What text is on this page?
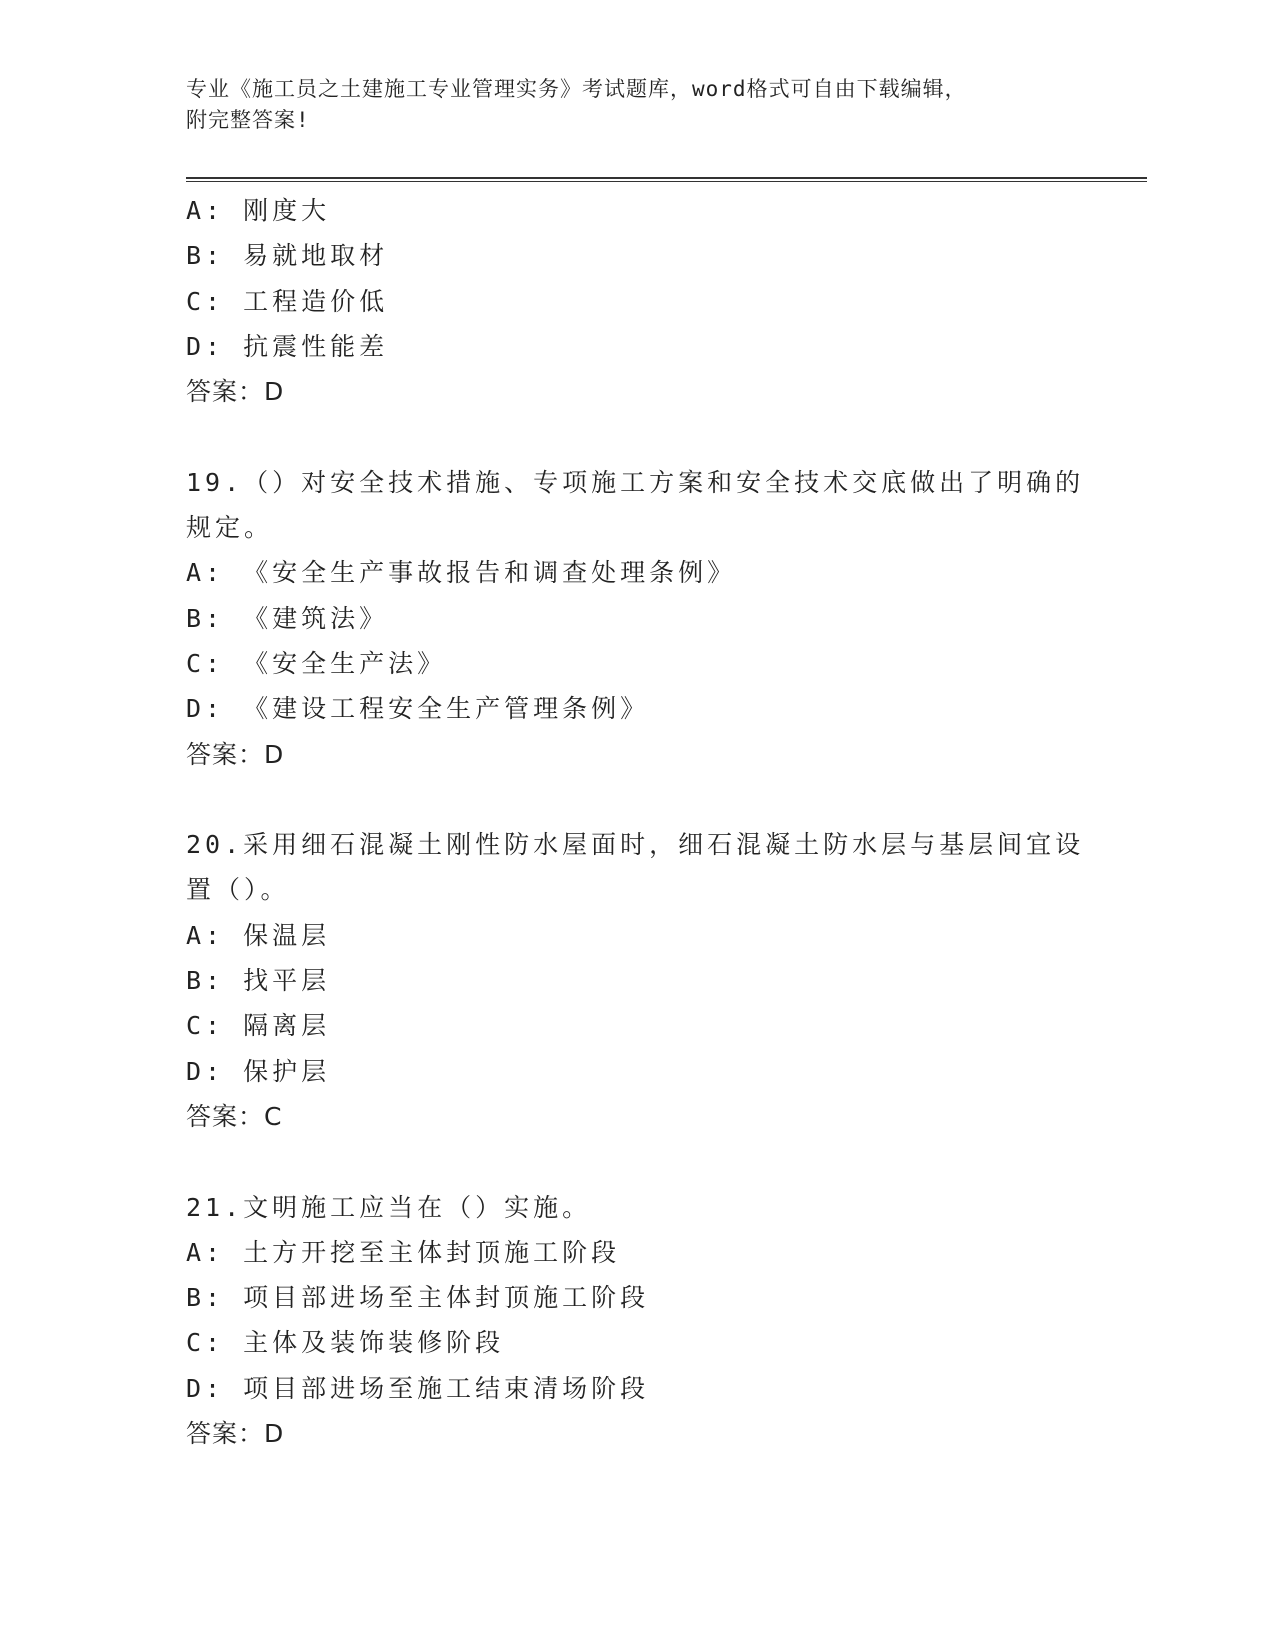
专业《施工员之土建施工专业管理实务》考试题库，word格式可自由下载编辑，
附完整答案!
A: 刚度大
B: 易就地取材
C: 工程造价低
D: 抗震性能差
答案：D
19.（）对安全技术措施、专项施工方案和安全技术交底做出了明确的
规定。
A: 《安全生产事故报告和调查处理条例》
B: 《建筑法》
C: 《安全生产法》
D: 《建设工程安全生产管理条例》
答案：D
20.采用细石混凝土刚性防水屋面时，细石混凝土防水层与基层间宜设
置（）。
A: 保温层
B: 找平层
C: 隔离层
D: 保护层
答案：C
21.文明施工应当在（）实施。
A: 土方开挖至主体封顶施工阶段
B: 项目部进场至主体封顶施工阶段
C: 主体及装饰装修阶段
D: 项目部进场至施工结束清场阶段
答案：D
